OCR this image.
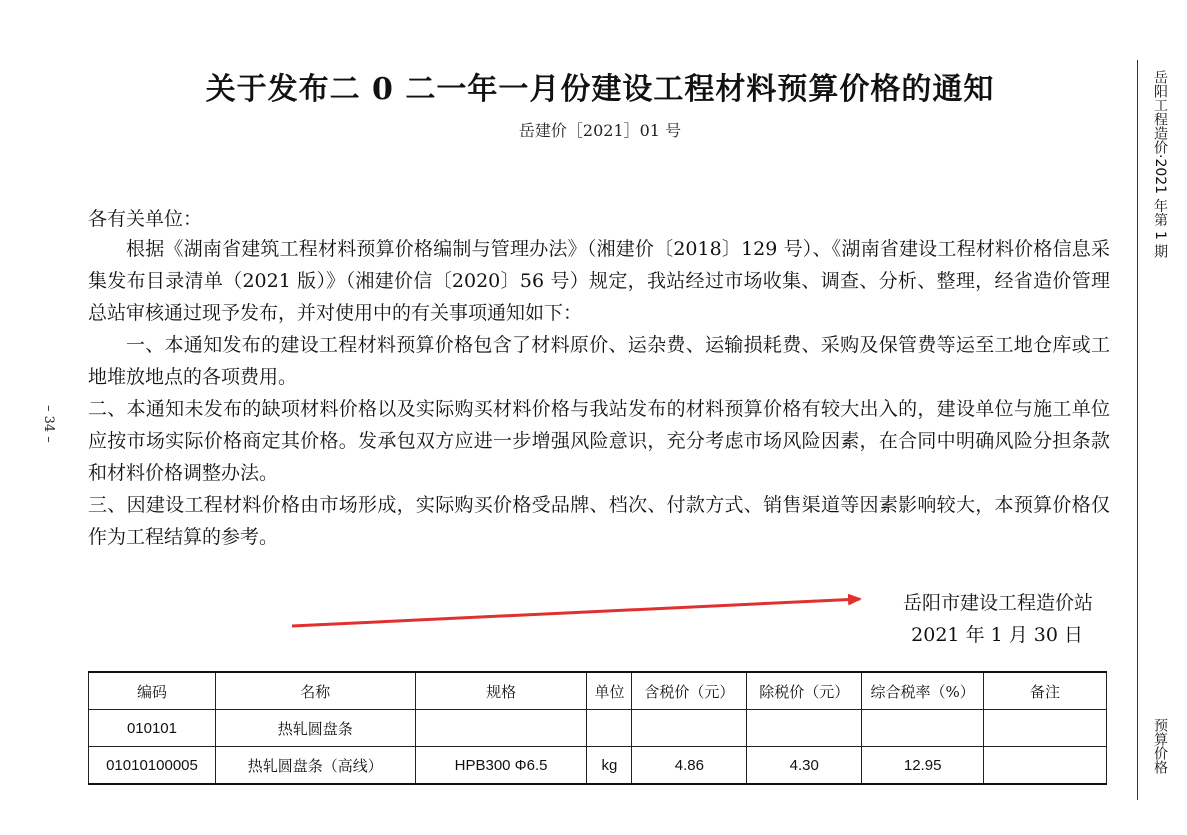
关于发布二 0 二一年一月份建设工程材料预算价格的通知
岳建价［2021］01 号
各有关单位：
根据《湖南省建筑工程材料预算价格编制与管理办法》（湘建价〔2018〕129 号）、《湖南省建设工程材料价格信息采集发布目录清单（2021 版）》（湘建价信〔2020〕56 号）规定，我站经过市场收集、调查、分析、整理，经省造价管理总站审核通过现予发布，并对使用中的有关事项通知如下：
一、本通知发布的建设工程材料预算价格包含了材料原价、运杂费、运输损耗费、采购及保管费等运至工地仓库或工地堆放地点的各项费用。
二、本通知未发布的缺项材料价格以及实际购买材料价格与我站发布的材料预算价格有较大出入的，建设单位与施工单位应按市场实际价格商定其价格。发承包双方应进一步增强风险意识，充分考虑市场风险因素，在合同中明确风险分担条款和材料价格调整办法。
三、因建设工程材料价格由市场形成，实际购买价格受品牌、档次、付款方式、销售渠道等因素影响较大，本预算价格仅作为工程结算的参考。
岳阳市建设工程造价站
2021 年 1 月 30 日
岳阳工程造价·2021 年第 1 期
预算价格
– 34 –
编码	名称	规格	单位	含税价（元）	除税价（元）	综合税率（%）	备注
010101	热轧圆盘条						
01010100005	热轧圆盘条（高线）	HPB300 Φ6.5	kg	4.86	4.30	12.95	
